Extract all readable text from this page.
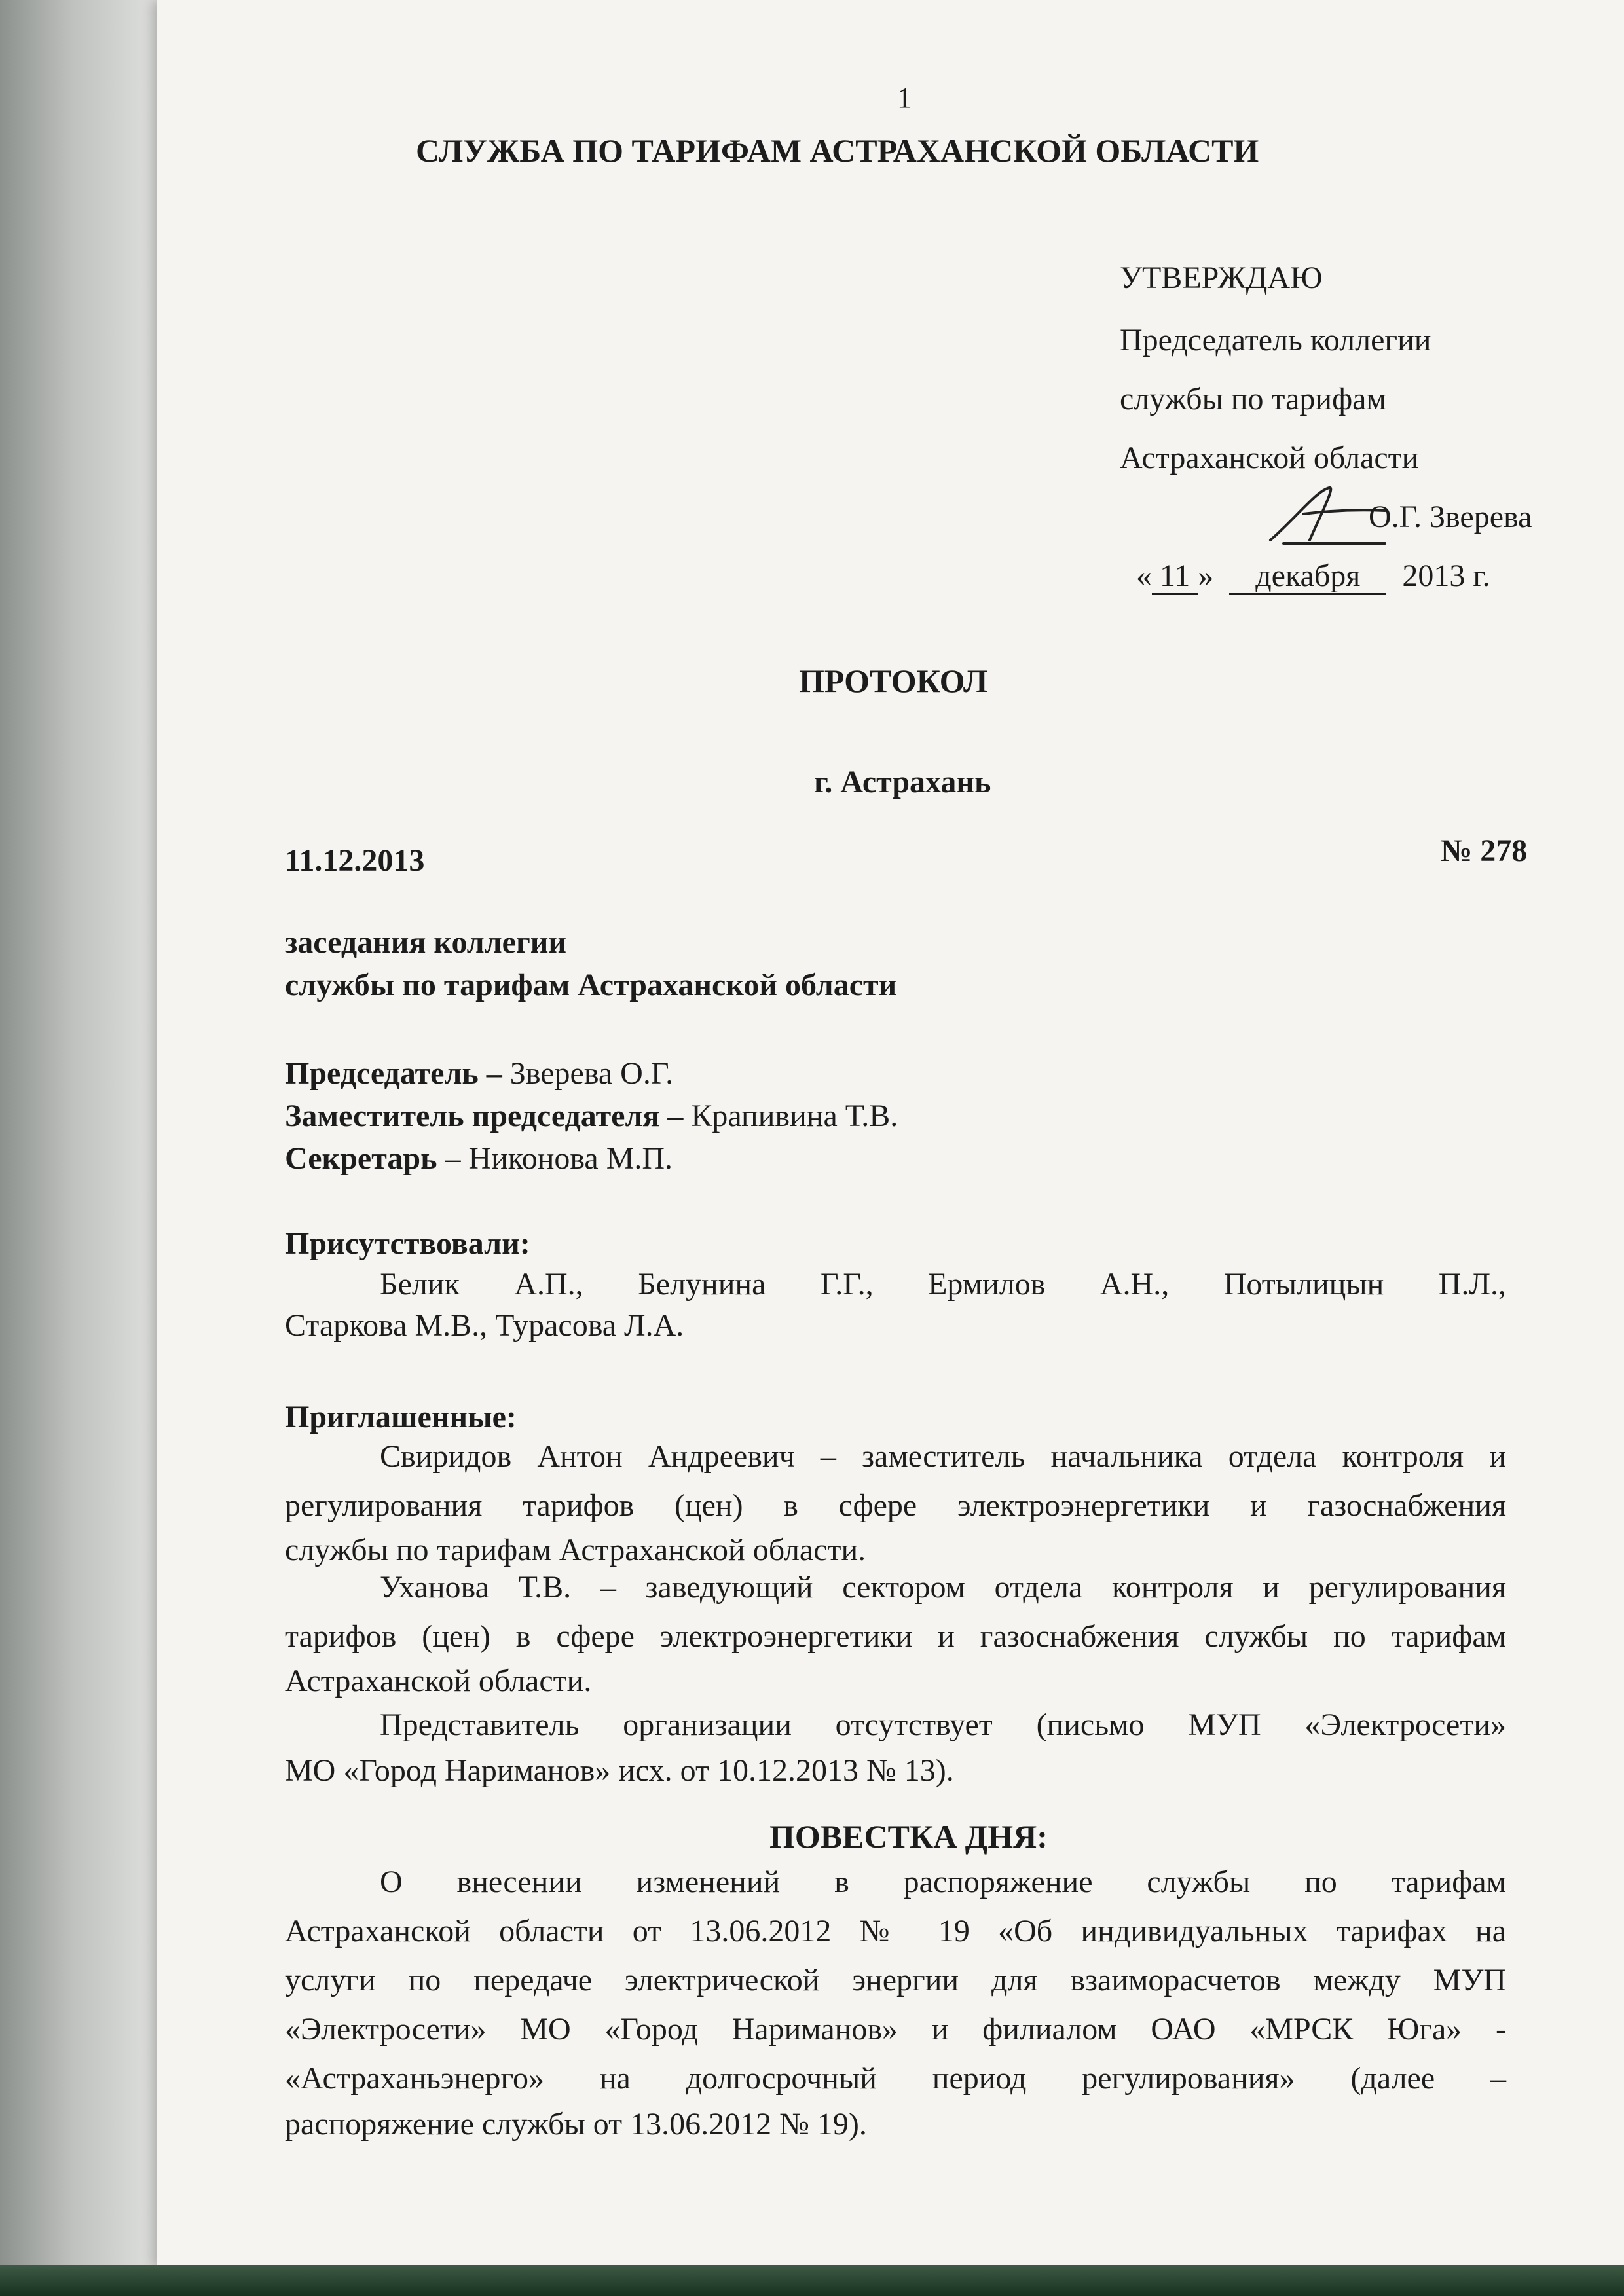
1
СЛУЖБА ПО ТАРИФАМ АСТРАХАНСКОЙ ОБЛАСТИ
УТВЕРЖДАЮ
Председатель коллегии
службы по тарифам
Астраханской области
О.Г. Зверева
« 11 » декабря 2013 г.
ПРОТОКОЛ
г. Астрахань
11.12.2013	№ 278
заседания коллегии
службы по тарифам Астраханской области
Председатель – Зверева О.Г.
Заместитель председателя – Крапивина Т.В.
Секретарь – Никонова М.П.
Присутствовали:
Белик А.П., Белунина Г.Г., Ермилов А.Н., Потылицын П.Л.,
Старкова М.В., Турасова Л.А.
Приглашенные:
Свиридов Антон Андреевич – заместитель начальника отдела контроля и
регулирования тарифов (цен) в сфере электроэнергетики и газоснабжения
службы по тарифам Астраханской области.
Уханова Т.В. – заведующий сектором отдела контроля и регулирования
тарифов (цен) в сфере электроэнергетики и газоснабжения службы по тарифам
Астраханской области.
Представитель организации отсутствует (письмо МУП «Электросети»
МО «Город Нариманов» исх. от 10.12.2013 № 13).
ПОВЕСТКА ДНЯ:
О внесении изменений в распоряжение службы по тарифам
Астраханской области от 13.06.2012 № 19 «Об индивидуальных тарифах на
услуги по передаче электрической энергии для взаиморасчетов между МУП
«Электросети» МО «Город Нариманов» и филиалом ОАО «МРСК Юга» -
«Астраханьэнерго» на долгосрочный период регулирования» (далее –
распоряжение службы от 13.06.2012 № 19).
